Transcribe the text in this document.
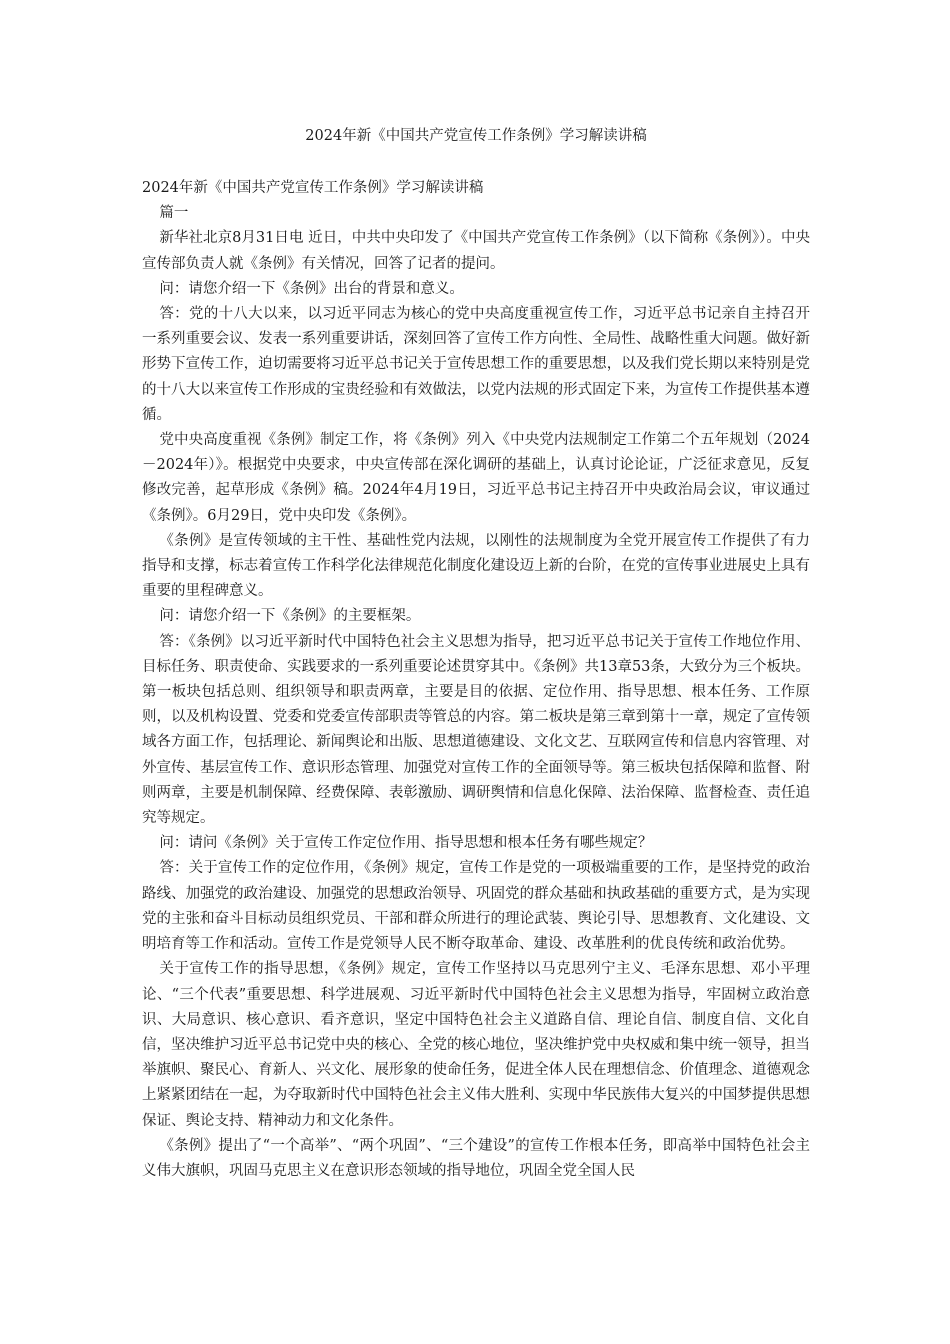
2024年新《中国共产党宣传工作条例》学习解读讲稿

2024年新《中国共产党宣传工作条例》学习解读讲稿

篇一

新华社北京8月31日电 近日，中共中央印发了《中国共产党宣传工作条例》（以下简称《条例》）。中央宣传部负责人就《条例》有关情况，回答了记者的提问。

问：请您介绍一下《条例》出台的背景和意义。

答：党的十八大以来，以习近平同志为核心的党中央高度重视宣传工作，习近平总书记亲自主持召开一系列重要会议、发表一系列重要讲话，深刻回答了宣传工作方向性、全局性、战略性重大问题。做好新形势下宣传工作，迫切需要将习近平总书记关于宣传思想工作的重要思想，以及我们党长期以来特别是党的十八大以来宣传工作形成的宝贵经验和有效做法，以党内法规的形式固定下来，为宣传工作提供基本遵循。

党中央高度重视《条例》制定工作，将《条例》列入《中央党内法规制定工作第二个五年规划（2024－2024年）》。根据党中央要求，中央宣传部在深化调研的基础上，认真讨论论证，广泛征求意见，反复修改完善，起草形成《条例》稿。2024年4月19日，习近平总书记主持召开中央政治局会议，审议通过《条例》。6月29日，党中央印发《条例》。

《条例》是宣传领域的主干性、基础性党内法规，以刚性的法规制度为全党开展宣传工作提供了有力指导和支撑，标志着宣传工作科学化法律规范化制度化建设迈上新的台阶，在党的宣传事业进展史上具有重要的里程碑意义。

问：请您介绍一下《条例》的主要框架。

答：《条例》以习近平新时代中国特色社会主义思想为指导，把习近平总书记关于宣传工作地位作用、目标任务、职责使命、实践要求的一系列重要论述贯穿其中。《条例》共13章53条，大致分为三个板块。第一板块包括总则、组织领导和职责两章，主要是目的依据、定位作用、指导思想、根本任务、工作原则，以及机构设置、党委和党委宣传部职责等管总的内容。第二板块是第三章到第十一章，规定了宣传领域各方面工作，包括理论、新闻舆论和出版、思想道德建设、文化文艺、互联网宣传和信息内容管理、对外宣传、基层宣传工作、意识形态管理、加强党对宣传工作的全面领导等。第三板块包括保障和监督、附则两章，主要是机制保障、经费保障、表彰激励、调研舆情和信息化保障、法治保障、监督检查、责任追究等规定。

问：请问《条例》关于宣传工作定位作用、指导思想和根本任务有哪些规定？

答：关于宣传工作的定位作用，《条例》规定，宣传工作是党的一项极端重要的工作，是坚持党的政治路线、加强党的政治建设、加强党的思想政治领导、巩固党的群众基础和执政基础的重要方式，是为实现党的主张和奋斗目标动员组织党员、干部和群众所进行的理论武装、舆论引导、思想教育、文化建设、文明培育等工作和活动。宣传工作是党领导人民不断夺取革命、建设、改革胜利的优良传统和政治优势。

关于宣传工作的指导思想，《条例》规定，宣传工作坚持以马克思列宁主义、毛泽东思想、邓小平理论、“三个代表”重要思想、科学进展观、习近平新时代中国特色社会主义思想为指导，牢固树立政治意识、大局意识、核心意识、看齐意识，坚定中国特色社会主义道路自信、理论自信、制度自信、文化自信，坚决维护习近平总书记党中央的核心、全党的核心地位，坚决维护党中央权威和集中统一领导，担当举旗帜、聚民心、育新人、兴文化、展形象的使命任务，促进全体人民在理想信念、价值理念、道德观念上紧紧团结在一起，为夺取新时代中国特色社会主义伟大胜利、实现中华民族伟大复兴的中国梦提供思想保证、舆论支持、精神动力和文化条件。

《条例》提出了“一个高举”、“两个巩固”、“三个建设”的宣传工作根本任务，即高举中国特色社会主义伟大旗帜，巩固马克思主义在意识形态领域的指导地位，巩固全党全国人民
